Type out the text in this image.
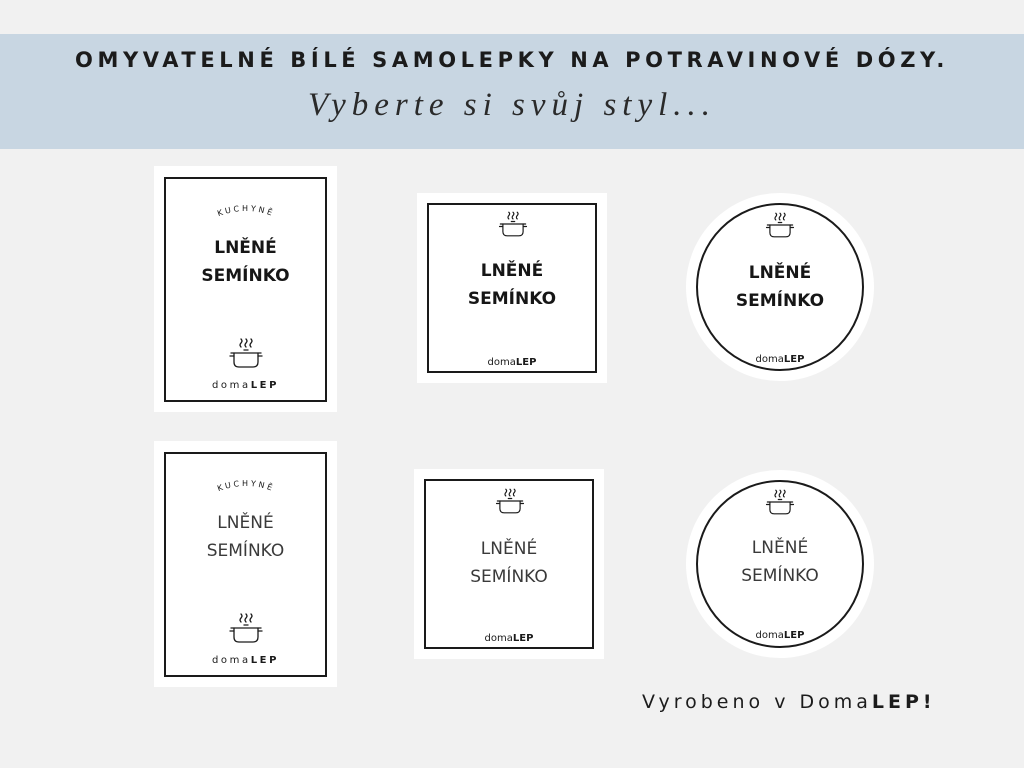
OMYVATELNÉ BÍLÉ SAMOLEPKY NA POTRAVINOVÉ DÓZY.
Vyberte si svůj styl...
KUCHYNĚ
LNĚNÉ
SEMÍNKO
domaLEP
LNĚNÉ
SEMÍNKO
domaLEP
LNĚNÉ
SEMÍNKO
domaLEP
KUCHYNĚ
LNĚNÉ
SEMÍNKO
domaLEP
LNĚNÉ
SEMÍNKO
domaLEP
LNĚNÉ
SEMÍNKO
domaLEP
Vyrobeno v DomaLEP!
